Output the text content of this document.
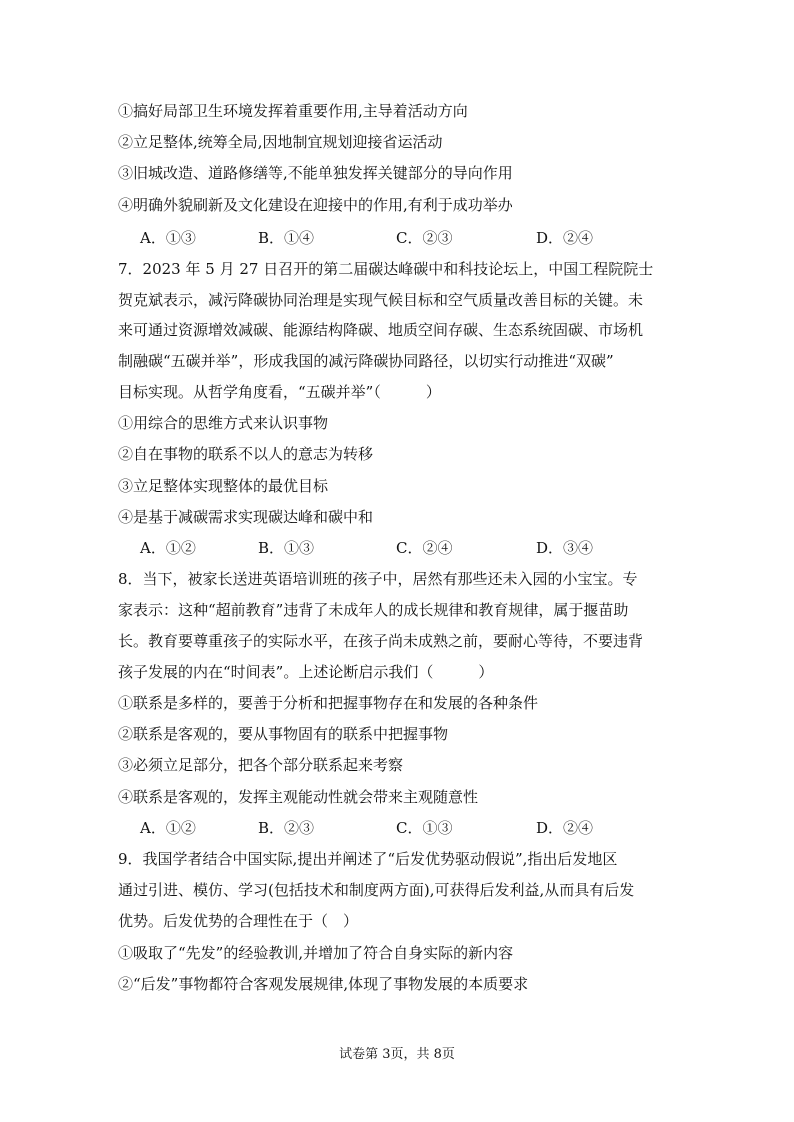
①搞好局部卫生环境发挥着重要作用,主导着活动方向
②立足整体,统筹全局,因地制宜规划迎接省运活动
③旧城改造、道路修缮等,不能单独发挥关键部分的导向作用
④明确外貌刷新及文化建设在迎接中的作用,有利于成功举办
A．①③	B．①④	C．②③	D．②④
7．2023 年 5 月 27 日召开的第二届碳达峰碳中和科技论坛上，中国工程院院士
贺克斌表示，减污降碳协同治理是实现气候目标和空气质量改善目标的关键。未
来可通过资源增效减碳、能源结构降碳、地质空间存碳、生态系统固碳、市场机
制融碳“五碳并举”，形成我国的减污降碳协同路径，以切实行动推进“双碳”
目标实现。从哲学角度看，“五碳并举”（　　　）
①用综合的思维方式来认识事物
②自在事物的联系不以人的意志为转移
③立足整体实现整体的最优目标
④是基于减碳需求实现碳达峰和碳中和
A．①②	B．①③	C．②④	D．③④
8．当下，被家长送进英语培训班的孩子中，居然有那些还未入园的小宝宝。专
家表示：这种“超前教育”违背了未成年人的成长规律和教育规律，属于揠苗助
长。教育要尊重孩子的实际水平，在孩子尚未成熟之前，要耐心等待，不要违背
孩子发展的内在“时间表”。上述论断启示我们（　　　）
①联系是多样的，要善于分析和把握事物存在和发展的各种条件
②联系是客观的，要从事物固有的联系中把握事物
③必须立足部分，把各个部分联系起来考察
④联系是客观的，发挥主观能动性就会带来主观随意性
A．①②	B．②③	C．①③	D．②④
9．我国学者结合中国实际,提出并阐述了“后发优势驱动假说”,指出后发地区
通过引进、模仿、学习(包括技术和制度两方面),可获得后发利益,从而具有后发
优势。后发优势的合理性在于（　）
①吸取了“先发”的经验教训,并增加了符合自身实际的新内容
②“后发”事物都符合客观发展规律,体现了事物发展的本质要求
试卷第 3页，共 8页
